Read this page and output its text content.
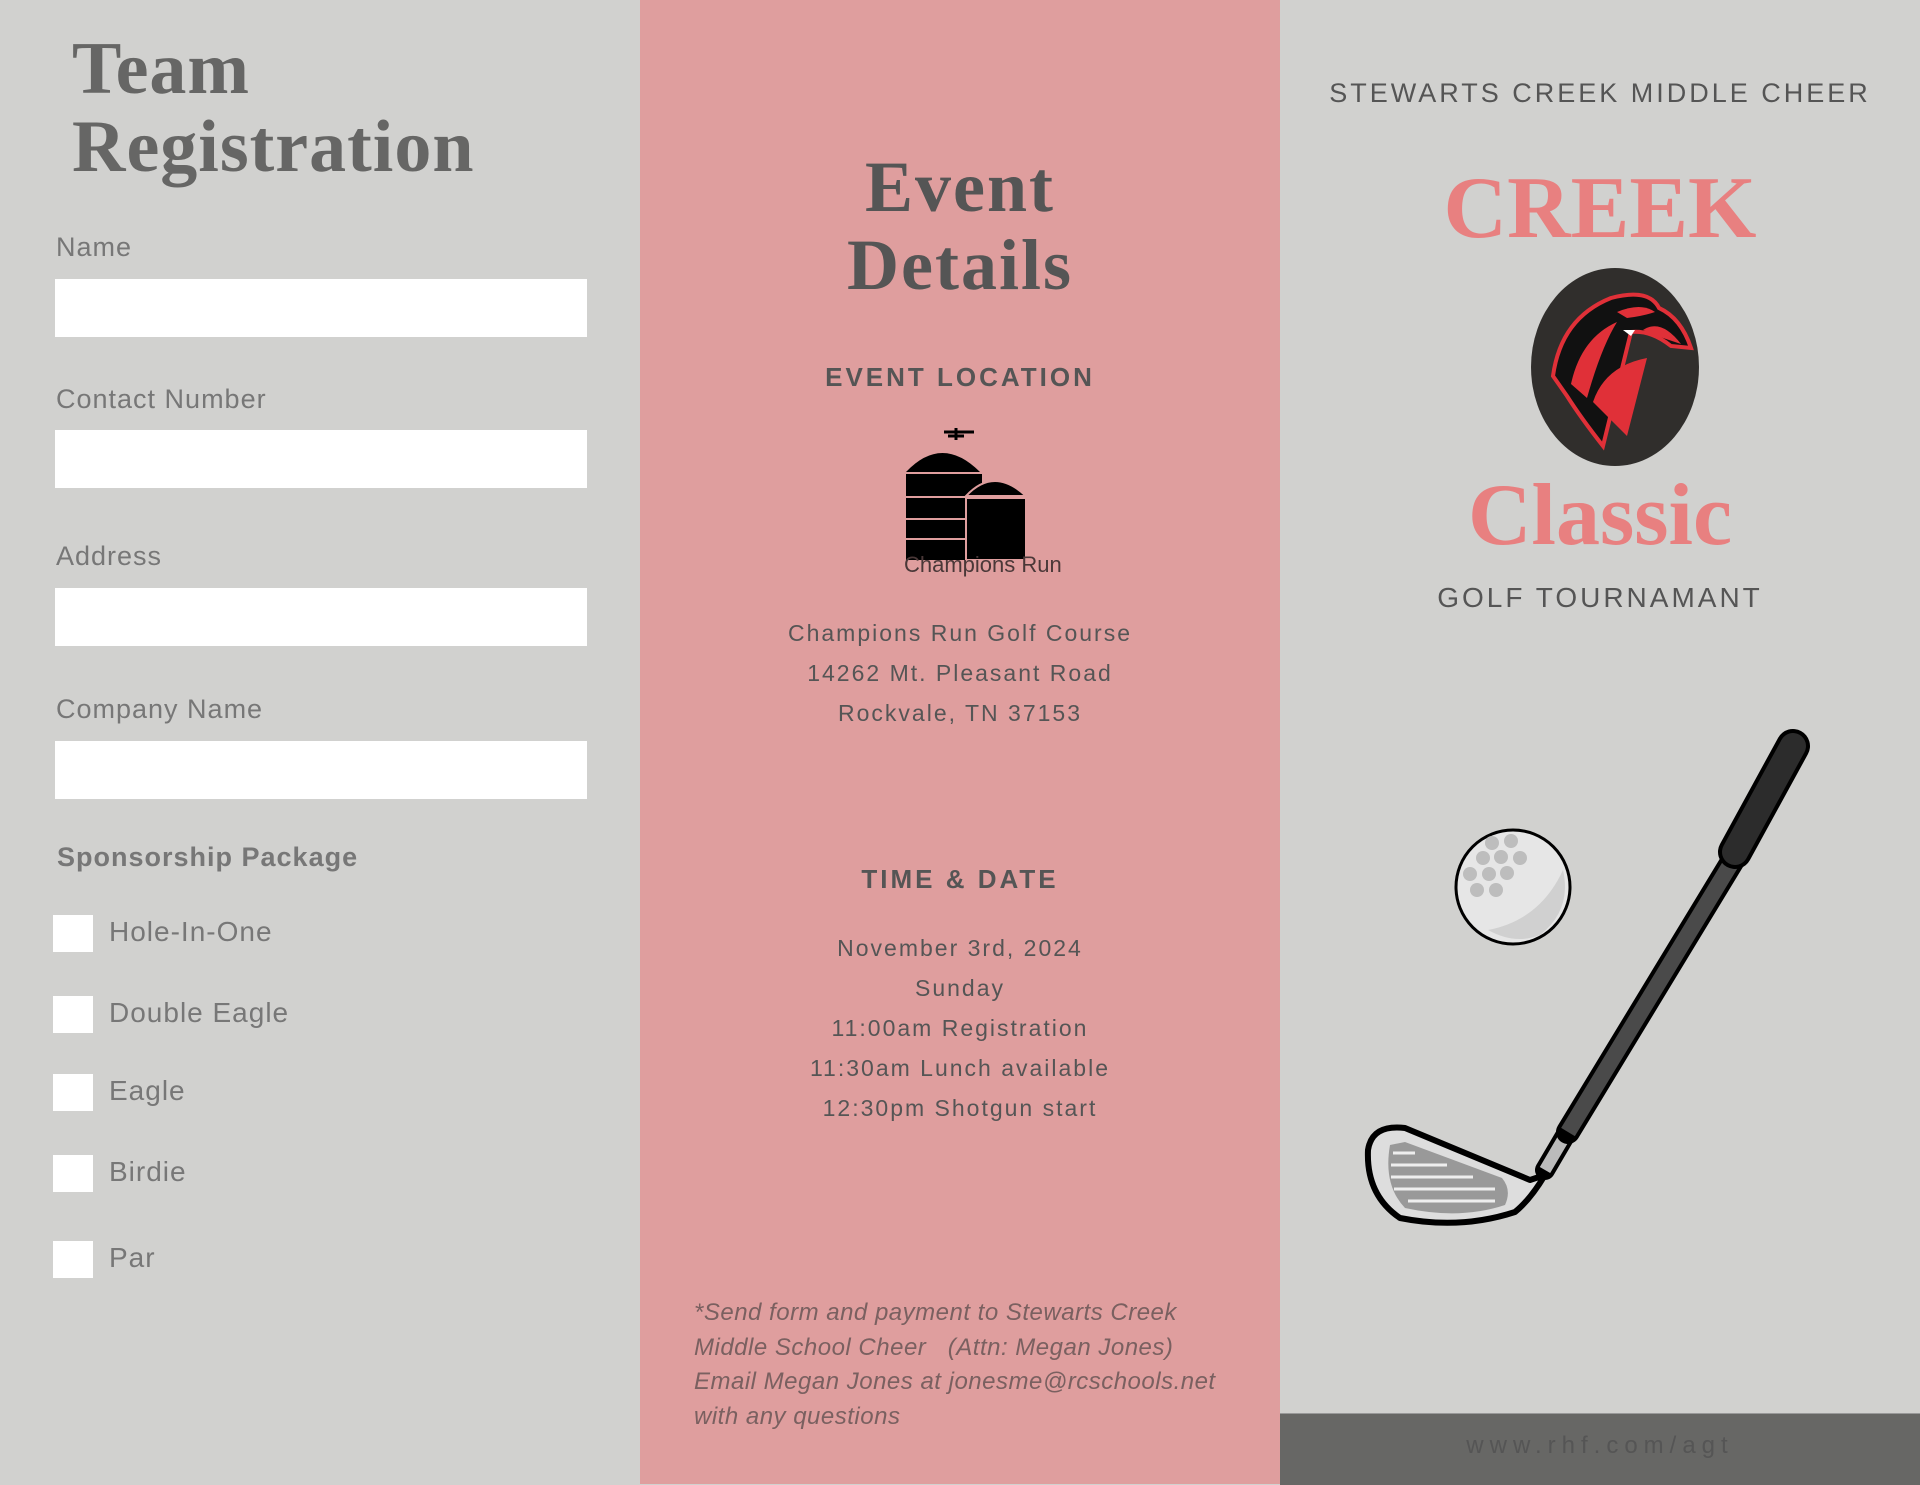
Team
Registration
Name
Contact Number
Address
Company Name
Sponsorship Package
Hole-In-One
Double Eagle
Eagle
Birdie
Par
Event
Details
EVENT LOCATION
Champions Run
Champions Run Golf Course
14262 Mt. Pleasant Road
Rockvale, TN 37153
TIME & DATE
November 3rd, 2024
Sunday
11:00am Registration
11:30am Lunch available
12:30pm Shotgun start
*Send form and payment to Stewarts Creek
Middle School Cheer   (Attn: Megan Jones)
Email Megan Jones at jonesme@rcschools.net
with any questions
STEWARTS CREEK MIDDLE CHEER
CREEK
Classic
GOLF TOURNAMANT
www.rhf.com/agt
